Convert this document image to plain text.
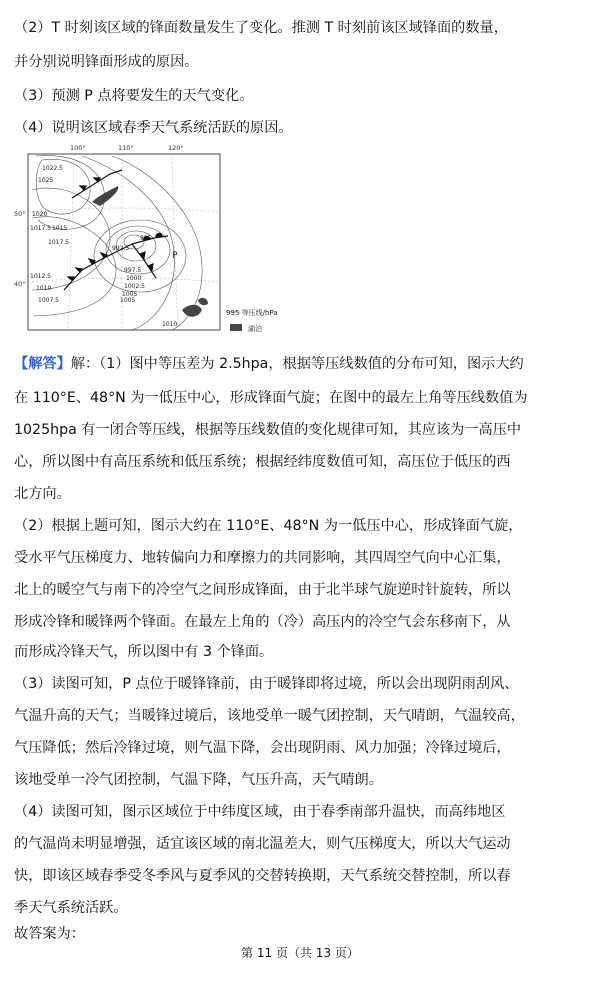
（2）T 时刻该区域的锋面数量发生了变化。推测 T 时刻前该区域锋面的数量，
并分别说明锋面形成的原因。
（3）预测 P 点将要发生的天气变化。
（4）说明该区域春季天气系统活跃的原因。
100°	110°	120°
50°
40°
1022.5
1025
1020
1017.5 1015
1017.5
1012.5
1010
1007.5	1005
1010
995
997.5
1000
1002.5
1005
992.5
P
995 等压线/hPa
湖泊
【解答】解：（1）图中等压差为 2.5hpa，根据等压线数值的分布可知，图示大约
在 110°E、48°N 为一低压中心，形成锋面气旋；在图中的最左上角等压线数值为
1025hpa 有一闭合等压线，根据等压线数值的变化规律可知，其应该为一高压中
心，所以图中有高压系统和低压系统；根据经纬度数值可知，高压位于低压的西
北方向。
（2）根据上题可知，图示大约在 110°E、48°N 为一低压中心，形成锋面气旋，
受水平气压梯度力、地转偏向力和摩擦力的共同影响，其四周空气向中心汇集，
北上的暖空气与南下的冷空气之间形成锋面，由于北半球气旋逆时针旋转，所以
形成冷锋和暖锋两个锋面。在最左上角的（冷）高压内的冷空气会东移南下，从
而形成冷锋天气，所以图中有 3 个锋面。
（3）读图可知，P 点位于暖锋锋前，由于暖锋即将过境，所以会出现阴雨刮风、
气温升高的天气；当暖锋过境后，该地受单一暖气团控制，天气晴朗，气温较高，
气压降低；然后冷锋过境，则气温下降，会出现阴雨、风力加强；冷锋过境后，
该地受单一冷气团控制，气温下降，气压升高，天气晴朗。
（4）读图可知，图示区域位于中纬度区域，由于春季南部升温快，而高纬地区
的气温尚未明显增强，适宜该区域的南北温差大，则气压梯度大，所以大气运动
快，即该区域春季受冬季风与夏季风的交替转换期，天气系统交替控制，所以春
季天气系统活跃。
故答案为：
第 11 页（共 13 页）
